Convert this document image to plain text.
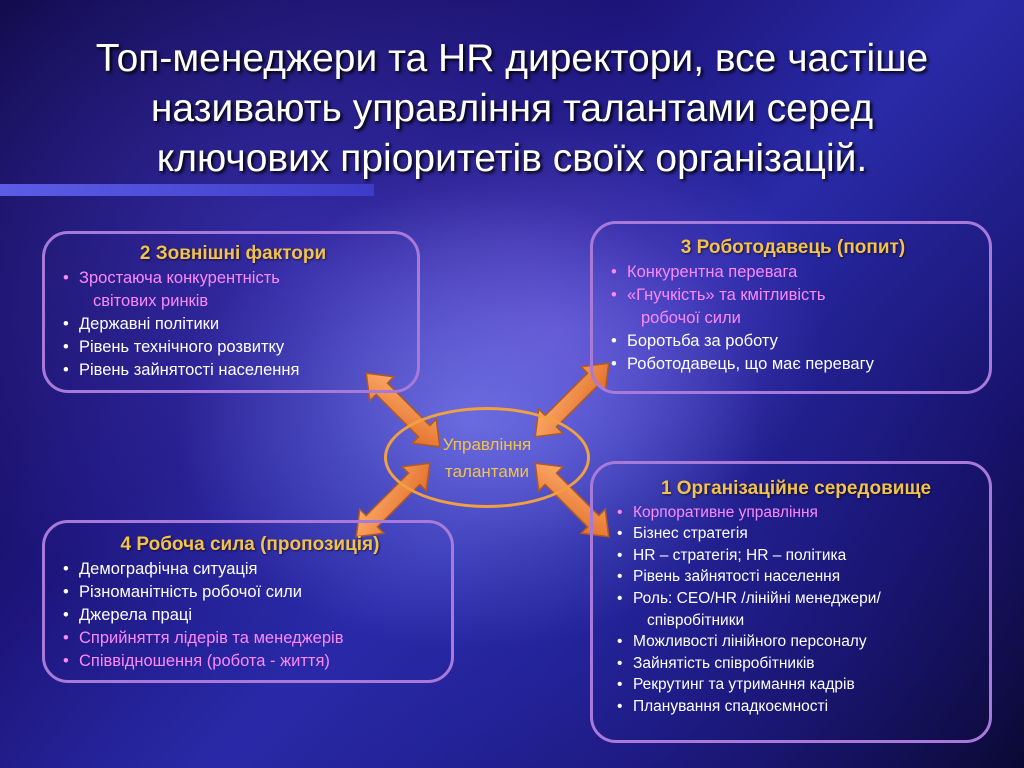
Топ-менеджери та HR директори, все частіше
називають управління талантами серед
ключових пріоритетів своїх організацій.
Управління
талантами
2 Зовнішні фактори
• Зростаюча конкурентність
світових ринків
• Державні політики
• Рівень технічного розвитку
• Рівень зайнятості населення
3 Роботодавець (попит)
• Конкурентна перевага
• «Гнучкість» та кмітливість
робочої сили
• Боротьба за роботу
• Роботодавець, що має перевагу
4 Робоча сила (пропозиція)
• Демографічна ситуація
• Різноманітність робочої сили
• Джерела праці
• Сприйняття лідерів та менеджерів
• Співвідношення (робота - життя)
1 Організаційне середовище
• Корпоративне управління
• Бізнес стратегія
• HR – стратегія; HR – політика
• Рівень зайнятості населення
• Роль: CEO/HR /лінійні менеджери/
співробітники
• Можливості лінійного персоналу
• Зайнятість співробітників
• Рекрутинг та утримання кадрів
• Планування спадкоємності
